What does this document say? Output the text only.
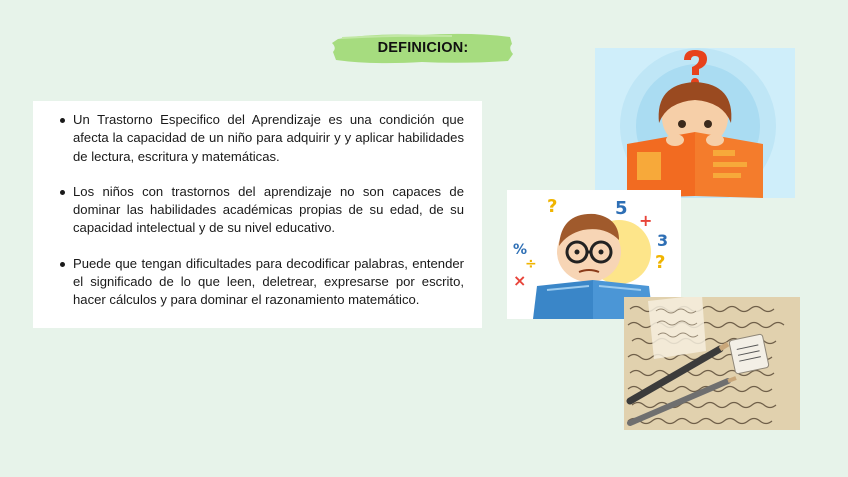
DEFINICION :
Un Trastorno Especifico del Aprendizaje es una condición que afecta la capacidad de un niño para adquirir y y aplicar habilidades de lectura, escritura y matemáticas.
Los niños con trastornos del aprendizaje no son capaces de dominar las habilidades académicas propias de su edad, de su capacidad intelectual y de su nivel educativo.
Puede que tengan dificultades para decodificar palabras, entender el significado de lo que leen, deletrear, expresarse por escrito, hacer cálculos y para dominar el razonamiento matemático.
5
?
+
3
?
%
×
÷
